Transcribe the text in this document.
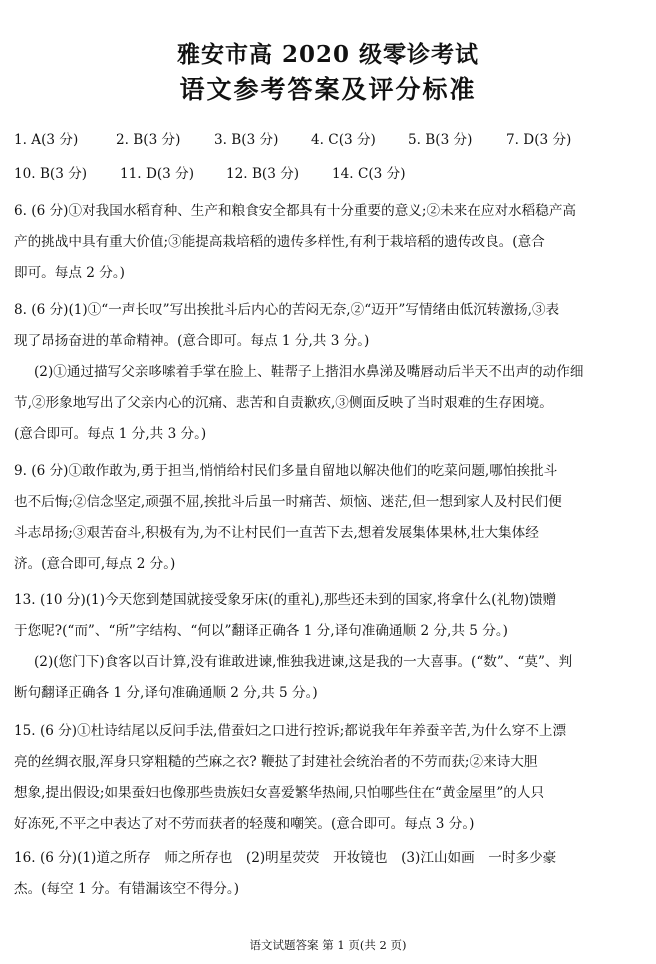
雅安市高 2020 级零诊考试
语文参考答案及评分标准
1. A(3 分)	2. B(3 分) 3. B(3 分) 4. C(3 分) 5. B(3 分) 7. D(3 分)
10. B(3 分) 11. D(3 分) 12. B(3 分) 14. C(3 分)
6. (6 分)①对我国水稻育种、生产和粮食安全都具有十分重要的意义;②未来在应对水稻稳产高
产的挑战中具有重大价值;③能提高栽培稻的遗传多样性,有利于栽培稻的遗传改良。(意合
即可。每点 2 分。)
8. (6 分)(1)①“一声长叹”写出挨批斗后内心的苦闷无奈,②“迈开”写情绪由低沉转激扬,③表
现了昂扬奋进的革命精神。(意合即可。每点 1 分,共 3 分。)
(2)①通过描写父亲哆嗦着手掌在脸上、鞋帮子上揩泪水鼻涕及嘴唇动后半天不出声的动作细
节,②形象地写出了父亲内心的沉痛、悲苦和自责歉疚,③侧面反映了当时艰难的生存困境。
(意合即可。每点 1 分,共 3 分。)
9. (6 分)①敢作敢为,勇于担当,悄悄给村民们多量自留地以解决他们的吃菜问题,哪怕挨批斗
也不后悔;②信念坚定,顽强不屈,挨批斗后虽一时痛苦、烦恼、迷茫,但一想到家人及村民们便
斗志昂扬;③艰苦奋斗,积极有为,为不让村民们一直苦下去,想着发展集体果林,壮大集体经
济。(意合即可,每点 2 分。)
13. (10 分)(1)今天您到楚国就接受象牙床(的重礼),那些还未到的国家,将拿什么(礼物)馈赠
于您呢?(“而”、“所”字结构、“何以”翻译正确各 1 分,译句准确通顺 2 分,共 5 分。)
(2)(您门下)食客以百计算,没有谁敢进谏,惟独我进谏,这是我的一大喜事。(“数”、“莫”、判
断句翻译正确各 1 分,译句准确通顺 2 分,共 5 分。)
15. (6 分)①杜诗结尾以反问手法,借蚕妇之口进行控诉;都说我年年养蚕辛苦,为什么穿不上漂
亮的丝绸衣服,浑身只穿粗糙的苎麻之衣? 鞭挞了封建社会统治者的不劳而获;②来诗大胆
想象,提出假设;如果蚕妇也像那些贵族妇女喜爱繁华热闹,只怕哪些住在“黄金屋里”的人只
好冻死,不平之中表达了对不劳而获者的轻蔑和嘲笑。(意合即可。每点 3 分。)
16. (6 分)(1)道之所存　师之所存也　(2)明星荧荧　开妆镜也　(3)江山如画　一时多少豪
杰。(每空 1 分。有错漏该空不得分。)
语文试题答案 第 1 页(共 2 页)
